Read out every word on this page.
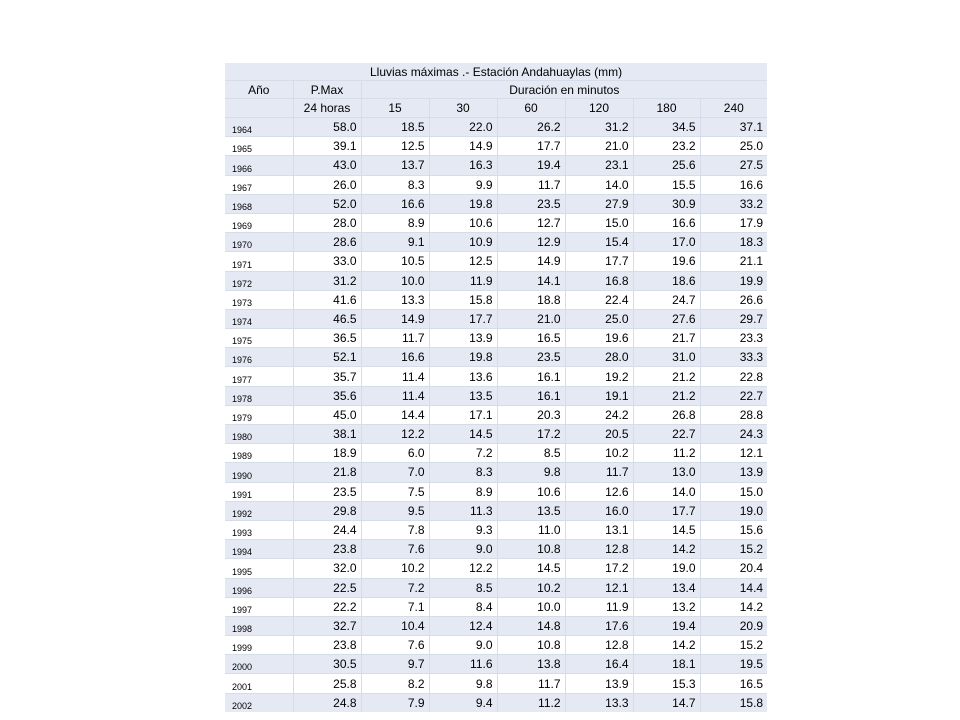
Lluvias máximas .- Estación Andahuaylas (mm)							
Año	P.Max	Duración en minutos					
	24 horas	15	30	60	120	180	240
1964	58.0	18.5	22.0	26.2	31.2	34.5	37.1
1965	39.1	12.5	14.9	17.7	21.0	23.2	25.0
1966	43.0	13.7	16.3	19.4	23.1	25.6	27.5
1967	26.0	8.3	9.9	11.7	14.0	15.5	16.6
1968	52.0	16.6	19.8	23.5	27.9	30.9	33.2
1969	28.0	8.9	10.6	12.7	15.0	16.6	17.9
1970	28.6	9.1	10.9	12.9	15.4	17.0	18.3
1971	33.0	10.5	12.5	14.9	17.7	19.6	21.1
1972	31.2	10.0	11.9	14.1	16.8	18.6	19.9
1973	41.6	13.3	15.8	18.8	22.4	24.7	26.6
1974	46.5	14.9	17.7	21.0	25.0	27.6	29.7
1975	36.5	11.7	13.9	16.5	19.6	21.7	23.3
1976	52.1	16.6	19.8	23.5	28.0	31.0	33.3
1977	35.7	11.4	13.6	16.1	19.2	21.2	22.8
1978	35.6	11.4	13.5	16.1	19.1	21.2	22.7
1979	45.0	14.4	17.1	20.3	24.2	26.8	28.8
1980	38.1	12.2	14.5	17.2	20.5	22.7	24.3
1989	18.9	6.0	7.2	8.5	10.2	11.2	12.1
1990	21.8	7.0	8.3	9.8	11.7	13.0	13.9
1991	23.5	7.5	8.9	10.6	12.6	14.0	15.0
1992	29.8	9.5	11.3	13.5	16.0	17.7	19.0
1993	24.4	7.8	9.3	11.0	13.1	14.5	15.6
1994	23.8	7.6	9.0	10.8	12.8	14.2	15.2
1995	32.0	10.2	12.2	14.5	17.2	19.0	20.4
1996	22.5	7.2	8.5	10.2	12.1	13.4	14.4
1997	22.2	7.1	8.4	10.0	11.9	13.2	14.2
1998	32.7	10.4	12.4	14.8	17.6	19.4	20.9
1999	23.8	7.6	9.0	10.8	12.8	14.2	15.2
2000	30.5	9.7	11.6	13.8	16.4	18.1	19.5
2001	25.8	8.2	9.8	11.7	13.9	15.3	16.5
2002	24.8	7.9	9.4	11.2	13.3	14.7	15.8
